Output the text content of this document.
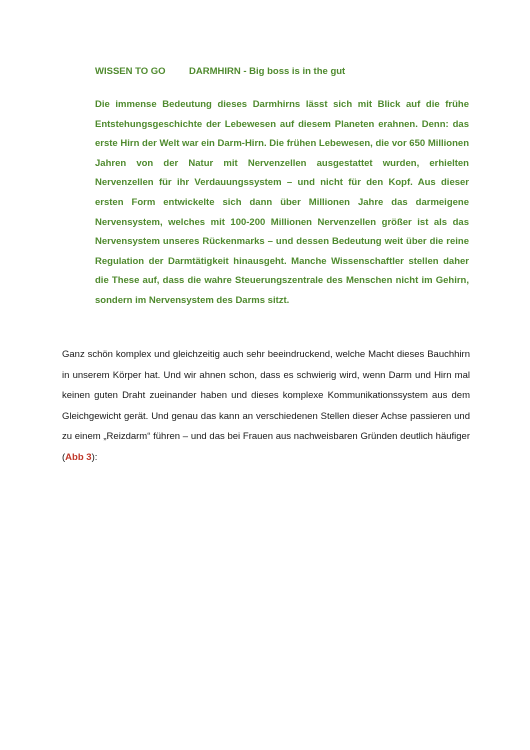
WISSEN TO GO DARMHIRN - Big boss is in the gut
Die immense Bedeutung dieses Darmhirns lässt sich mit Blick auf die frühe Entstehungsgeschichte der Lebewesen auf diesem Planeten erahnen. Denn: das erste Hirn der Welt war ein Darm-Hirn. Die frühen Lebewesen, die vor 650 Millionen Jahren von der Natur mit Nervenzellen ausgestattet wurden, erhielten Nervenzellen für ihr Verdauungssystem – und nicht für den Kopf. Aus dieser ersten Form entwickelte sich dann über Millionen Jahre das darmeigene Nervensystem, welches mit 100-200 Millionen Nervenzellen größer ist als das Nervensystem unseres Rückenmarks – und dessen Bedeutung weit über die reine Regulation der Darmtätigkeit hinausgeht. Manche Wissenschaftler stellen daher die These auf, dass die wahre Steuerungszentrale des Menschen nicht im Gehirn, sondern im Nervensystem des Darms sitzt.

Ganz schön komplex und gleichzeitig auch sehr beeindruckend, welche Macht dieses Bauchhirn in unserem Körper hat. Und wir ahnen schon, dass es schwierig wird, wenn Darm und Hirn mal keinen guten Draht zueinander haben und dieses komplexe Kommunikationssystem aus dem Gleichgewicht gerät. Und genau das kann an verschiedenen Stellen dieser Achse passieren und zu einem „Reizdarm“ führen – und das bei Frauen aus nachweisbaren Gründen deutlich häufiger (Abb 3):
